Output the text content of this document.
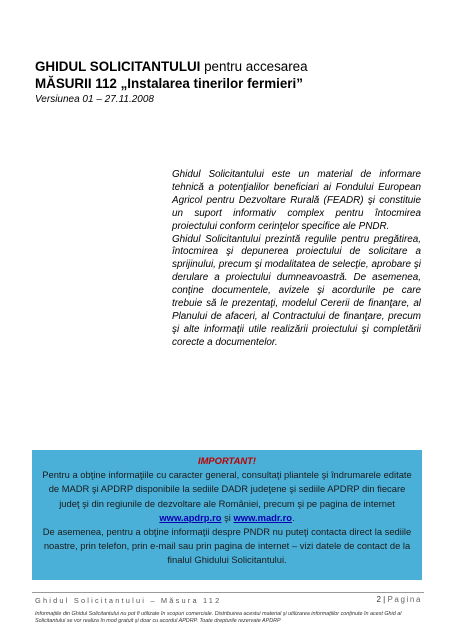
GHIDUL SOLICITANTULUI pentru accesarea
MĂSURII 112 „Instalarea tinerilor fermieri”
Versiunea 01 – 27.11.2008

Ghidul Solicitantului este un material de informare tehnică a potenţialilor beneficiari ai Fondului European Agricol pentru Dezvoltare Rurală (FEADR) şi constituie un suport informativ complex pentru întocmirea proiectului conform cerinţelor specifice ale PNDR.

Ghidul Solicitantului prezintă regulile pentru pregătirea, întocmirea şi depunerea proiectului de solicitare a sprijinului, precum şi modalitatea de selecţie, aprobare şi derulare a proiectului dumneavoastră. De asemenea, conţine documentele, avizele şi acordurile pe care trebuie să le prezentaţi, modelul Cererii de finanţare, al Planului de afaceri, al Contractului de finanţare, precum şi alte informaţii utile realizării proiectului şi completării corecte a documentelor.

IMPORTANT!
Pentru a obţine informaţiile cu caracter general, consultaţi pliantele şi îndrumarele editate de MADR şi APDRP disponibile la sediile DADR judeţene şi sediile APDRP din fiecare judeţ şi din regiunile de dezvoltare ale României, precum şi pe pagina de internet www.apdrp.ro şi www.madr.ro.
De asemenea, pentru a obţine informaţii despre PNDR nu puteţi contacta direct la sediile noastre, prin telefon, prin e-mail sau prin pagina de internet – vizi datele de contact de la finalul Ghidului Solicitantului.
Ghidul Solicitantului – Măsura 112	2 | Pagina
Informaţiile din Ghidul Solicitantului nu pot fi utilizate în scopuri comerciale. Distribuirea acestui material şi utilizarea informaţiilor conţinute în acest Ghid al Solicitantului se vor realiza în mod gratuit şi doar cu acordul APDRP. Toate drepturile rezervate APDRP
